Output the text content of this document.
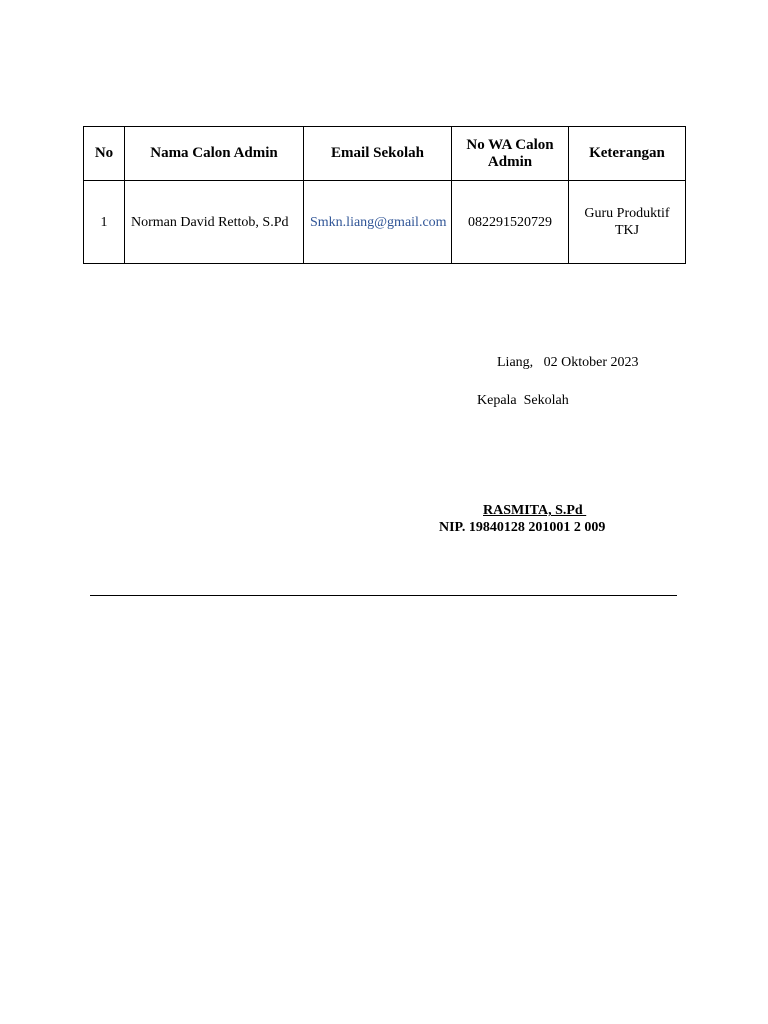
No	Nama Calon Admin	Email Sekolah	No WA Calon Admin	Keterangan
1	Norman David Rettob, S.Pd	Smkn.liang@gmail.com	082291520729	Guru Produktif TKJ
Liang,   02 Oktober 2023
Kepala  Sekolah
RASMITA, S.Pd
NIP. 19840128 201001 2 009
